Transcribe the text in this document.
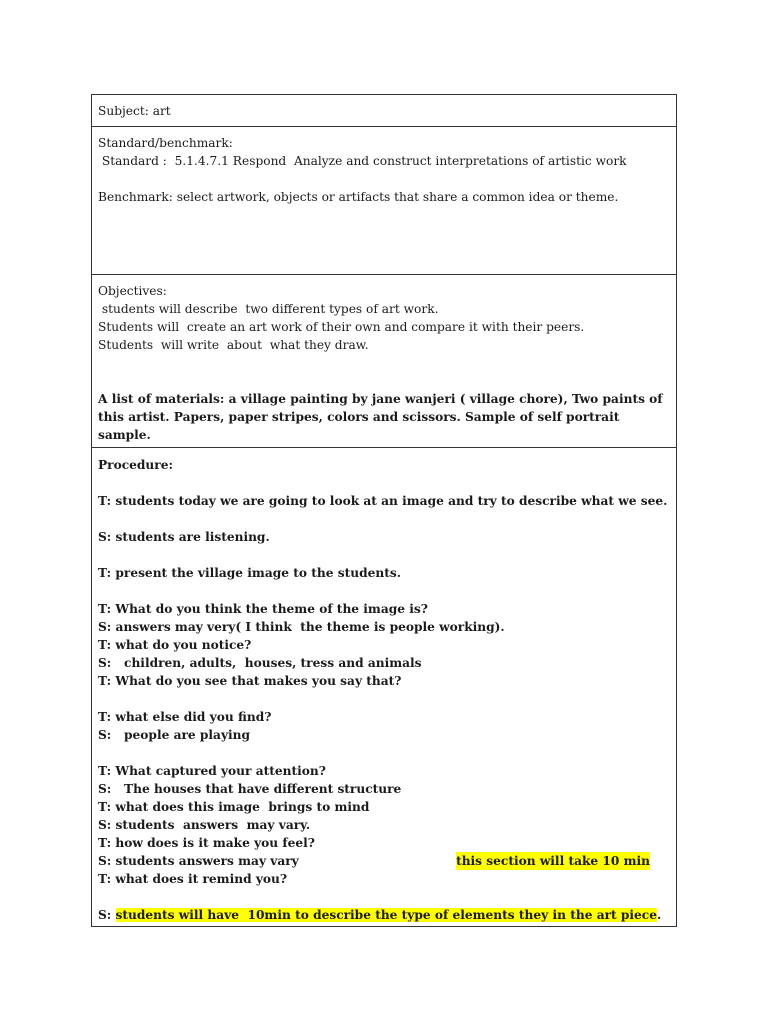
Subject: art

Standard/benchmark:

Standard :  5.1.4.7.1 Respond  Analyze and construct interpretations of artistic work

Benchmark: select artwork, objects or artifacts that share a common idea or theme.

Objectives:

students will describe  two different types of art work.

Students will  create an art work of their own and compare it with their peers.

Students  will write  about  what they draw.

A list of materials: a village painting by jane wanjeri ( village chore), Two paints of this artist. Papers, paper stripes, colors and scissors. Sample of self portrait sample.

Procedure:

T: students today we are going to look at an image and try to describe what we see.

S: students are listening.

T: present the village image to the students.

T: What do you think the theme of the image is?

S: answers may very( I think  the theme is people working).

T: what do you notice?

S:   children, adults,  houses, tress and animals

T: What do you see that makes you say that?

T: what else did you find?

S:   people are playing

T: What captured your attention?

S:   The houses that have different structure

T: what does this image  brings to mind

S: students  answers  may vary.

T: how does is it make you feel?

S: students answers may vary	this section will take 10 min

T: what does it remind you?

S: students will have  10min to describe the type of elements they in the art piece.
